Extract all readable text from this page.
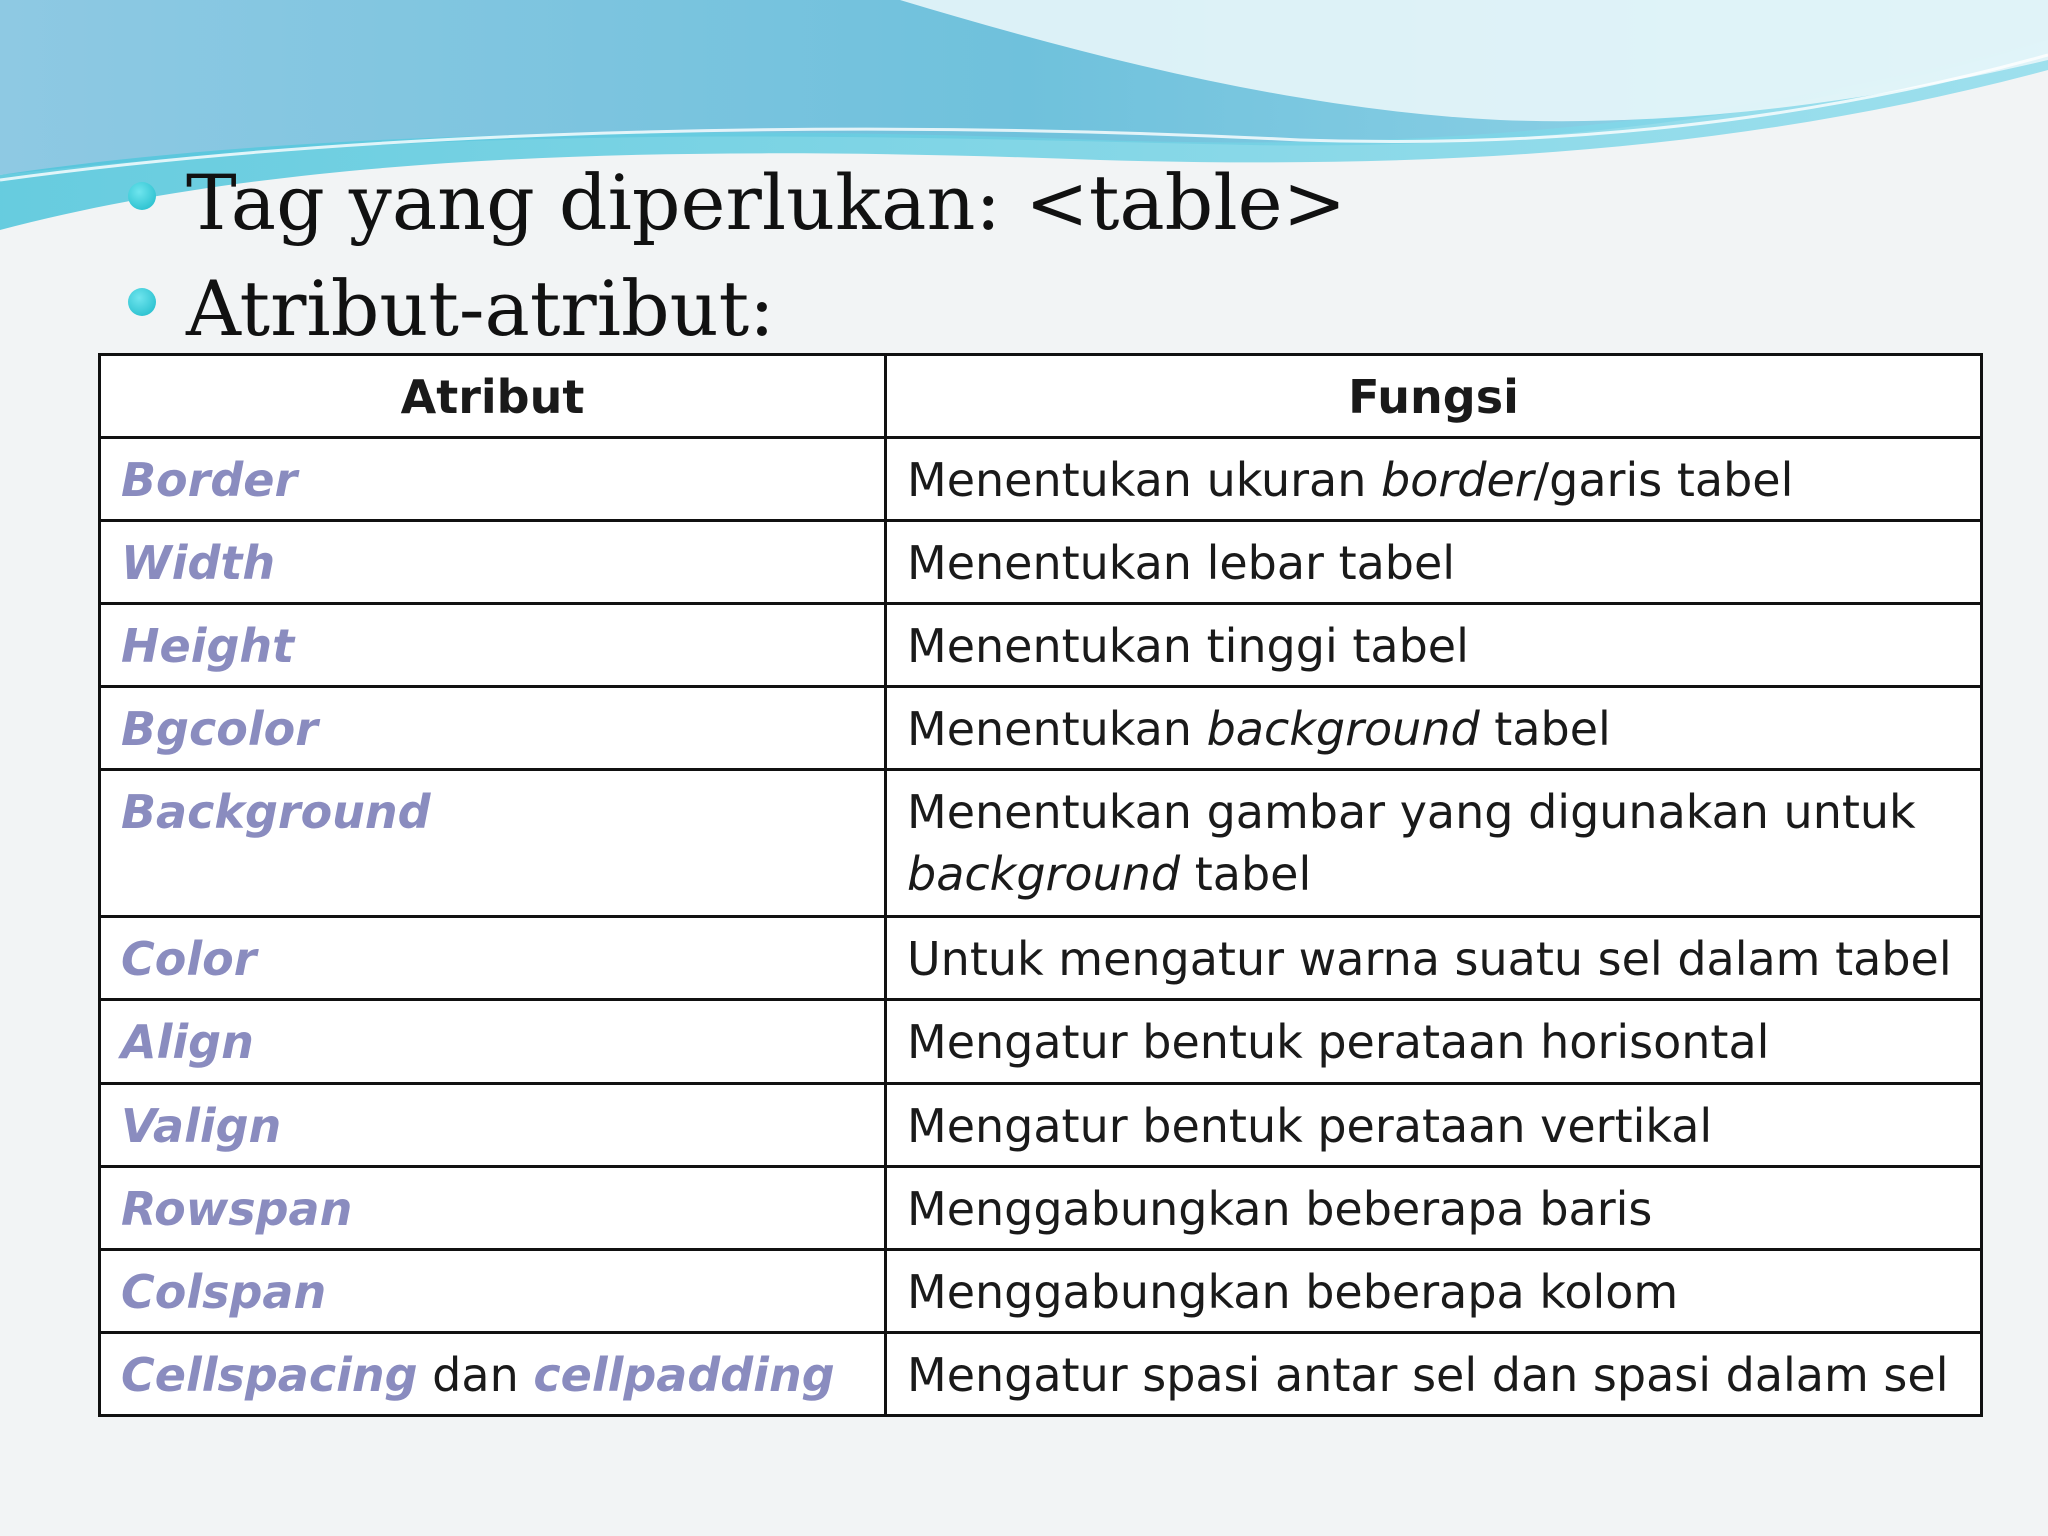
Tag yang diperlukan: <table>
Atribut-atribut:
Atribut	Fungsi
Border	Menentukan ukuran border/garis tabel
Width	Menentukan lebar tabel
Height	Menentukan tinggi tabel
Bgcolor	Menentukan background tabel
Background	Menentukan gambar yang digunakan untuk background tabel
Color	Untuk mengatur warna suatu sel dalam tabel
Align	Mengatur bentuk perataan horisontal
Valign	Mengatur bentuk perataan vertikal
Rowspan	Menggabungkan beberapa baris
Colspan	Menggabungkan beberapa kolom
Cellspacing dan cellpadding	Mengatur spasi antar sel dan spasi dalam sel
